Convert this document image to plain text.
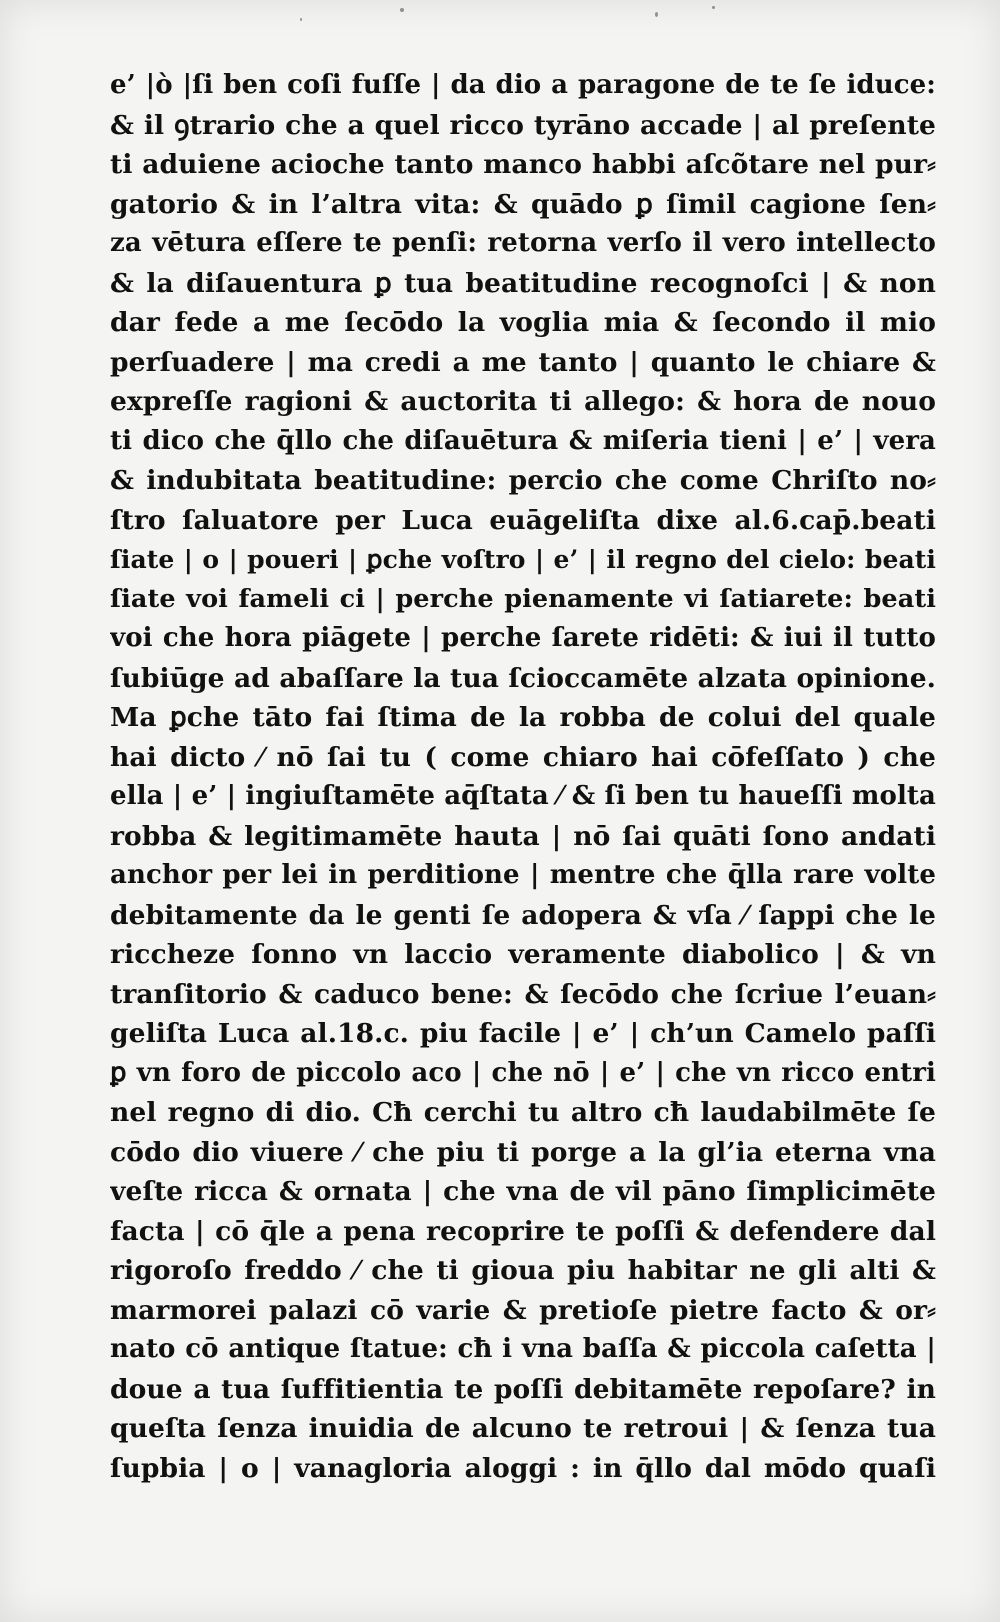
e’ |ò |ſi ben coſi fuſſe | da dio a paragone de te ſe iduce:
& il ꝯtrario che a quel ricco tyrāno accade | al preſente
ti aduiene acioche tanto manco habbi aſcõtare nel pur⸗
gatorio & in l’altra vita: & quādo ꝑ ſimil cagione ſen⸗
za vētura eſſere te penſi: retorna verſo il vero intellecto
& la diſauentura ꝑ tua beatitudine recognoſci | & non
dar fede a me ſecōdo la voglia mia & ſecondo il mio
perſuadere | ma credi a me tanto | quanto le chiare &
expreſſe ragioni & auctorita ti allego: & hora de nouo
ti dico che q̄llo che diſauētura & miſeria tieni | e’ | vera
& indubitata beatitudine: percio che come Chriſto no⸗
ſtro ſaluatore per Luca euāgeliſta dixe al.6.cap̄.beati
ſiate | o | poueri | ꝑche voſtro | e’ | il regno del cielo: beati
ſiate voi fameli ci | perche pienamente vi ſatiarete: beati
voi che hora piāgete | perche ſarete ridēti: & iui il tutto
ſubiūge ad abaſſare la tua ſcioccamēte alzata opinione.
Ma ꝑche tāto fai ſtima de la robba de colui del quale
hai dicto ⁄ nō ſai tu ( come chiaro hai cōfeſſato ) che
ella | e’ | ingiuſtamēte aq̄ſtata ⁄ & ſi ben tu haueſſi molta
robba & legitimamēte hauta | nō ſai quāti ſono andati
anchor per lei in perditione | mentre che q̄lla rare volte
debitamente da le genti ſe adopera & vſa ⁄ ſappi che le
riccheze ſonno vn laccio veramente diabolico | & vn
tranſitorio & caduco bene: & ſecōdo che ſcriue l’euan⸗
geliſta Luca al.18.c. piu facile | e’ | ch’un Camelo paſſi
ꝑ vn foro de piccolo aco | che nō | e’ | che vn ricco entri
nel regno di dio. Cħ cerchi tu altro cħ laudabilmēte ſe
cōdo dio viuere ⁄ che piu ti porge a la gl’ia eterna vna
veſte ricca & ornata | che vna de vil pāno ſimplicimēte
facta | cō q̄le a pena recoprire te poſſi & defendere dal
rigoroſo freddo ⁄ che ti gioua piu habitar ne gli alti &
marmorei palazi cō varie & pretioſe pietre facto & or⸗
nato cō antique ſtatue: cħ i vna baſſa & piccola caſetta |
doue a tua ſuffitientia te poſſi debitamēte repoſare? in
queſta ſenza inuidia de alcuno te retroui | & ſenza tua
ſupbia | o | vanagloria aloggi : in q̄llo dal mōdo quaſi
